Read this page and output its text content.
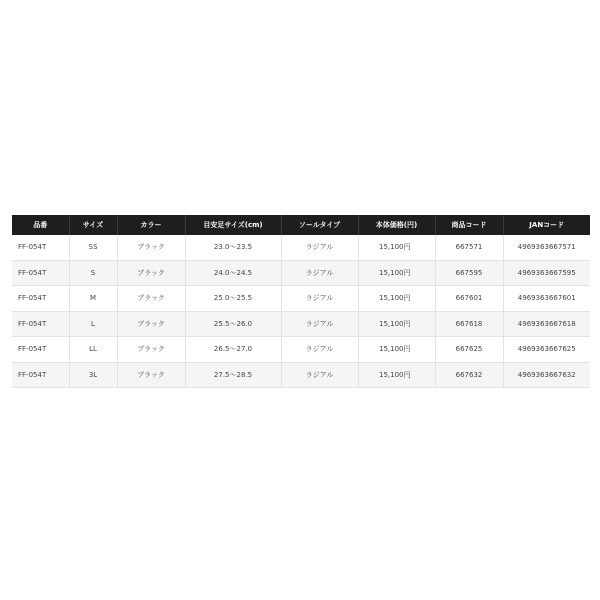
品番	サイズ	カラー	目安足サイズ(cm)	ソールタイプ	本体価格(円)	商品コード	JANコード
FF-054T	SS	ブラック	23.0〜23.5	ラジアル	15,100円	667571	4969363667571
FF-054T	S	ブラック	24.0〜24.5	ラジアル	15,100円	667595	4969363667595
FF-054T	M	ブラック	25.0〜25.5	ラジアル	15,100円	667601	4969363667601
FF-054T	L	ブラック	25.5〜26.0	ラジアル	15,100円	667618	4969363667618
FF-054T	LL	ブラック	26.5〜27.0	ラジアル	15,100円	667625	4969363667625
FF-054T	3L	ブラック	27.5〜28.5	ラジアル	15,100円	667632	4969363667632
